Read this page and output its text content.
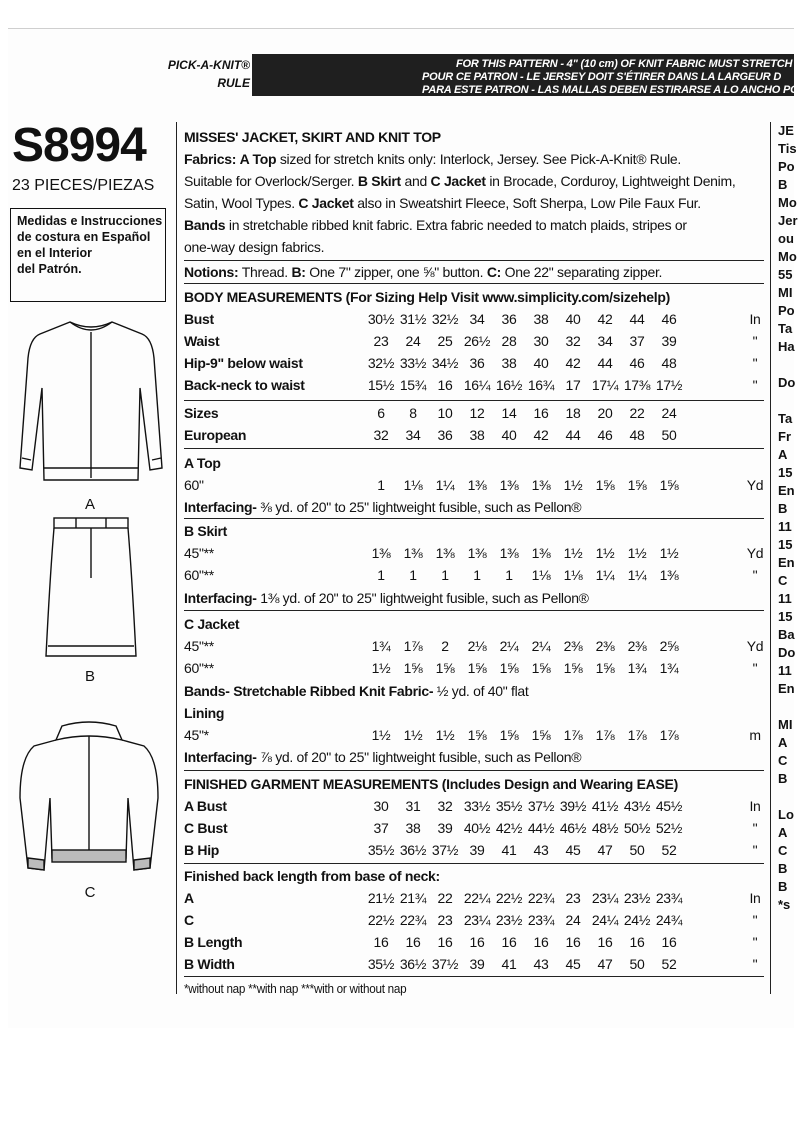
PICK-A-KNIT®
RULE
FOR THIS PATTERN - 4" (10 cm) OF KNIT FABRIC MUST STRETCH
POUR CE PATRON - LE JERSEY DOIT S'ÉTIRER DANS LA LARGEUR D
PARA ESTE PATRON - LAS MALLAS DEBEN ESTIRARSE A LO ANCHO POR
S8994
23 PIECES/PIEZAS
Medidas e Instrucciones
de costura en Español
en el Interior
del Patrón.
A
B
C
MISSES' JACKET, SKIRT AND KNIT TOP
Fabrics: A Top sized for stretch knits only: Interlock, Jersey. See Pick-A-Knit® Rule.
Suitable for Overlock/Serger. B Skirt and C Jacket in Brocade, Corduroy, Lightweight Denim,
Satin, Wool Types. C Jacket also in Sweatshirt Fleece, Soft Sherpa, Low Pile Faux Fur.
Bands in stretchable ribbed knit fabric. Extra fabric needed to match plaids, stripes or
one-way design fabrics.
Notions: Thread. B: One 7" zipper, one ⅝" button. C: One 22" separating zipper.
BODY MEASUREMENTS (For Sizing Help Visit www.simplicity.com/sizehelp)
Bust	30½ 31½ 32½ 34	36	38	40	42	44	46	In
Waist	23	24	25 26½ 28	30	32	34	37	39	"
Hip-9" below waist	32½ 33½ 34½ 36	38	40	42	44	46	48	"
Back-neck to waist	15½ 15¾ 16 16¼ 16½ 16¾ 17 17¼ 17⅜ 17½	"
Sizes	6	8	10	12	14	16	18	20	22	24
European	32	34	36	38	40	42	44	46	48	50
A Top
60"	1	1⅛ 1¼ 1⅜ 1⅜ 1⅜ 1½ 1⅝ 1⅝ 1⅝	Yd
Interfacing- ⅜ yd. of 20" to 25" lightweight fusible, such as Pellon®
B Skirt
45"**	1⅜ 1⅜ 1⅜ 1⅜ 1⅜ 1⅜ 1½ 1½ 1½ 1½	Yd
60"**	1	1	1	1	1	1⅛ 1⅛ 1¼ 1¼ 1⅜	"
Interfacing- 1⅜ yd. of 20" to 25" lightweight fusible, such as Pellon®
C Jacket
45"**	1¾ 1⅞	2	2⅛ 2¼ 2¼ 2⅜ 2⅜ 2⅜ 2⅝	Yd
60"**	1½ 1⅝ 1⅝ 1⅝ 1⅝ 1⅝ 1⅝ 1⅝ 1¾ 1¾	"
Bands- Stretchable Ribbed Knit Fabric- ½ yd. of 40" flat
Lining
45"*	1½ 1½ 1½ 1⅝ 1⅝ 1⅝ 1⅞ 1⅞ 1⅞ 1⅞	m
Interfacing- ⅞ yd. of 20" to 25" lightweight fusible, such as Pellon®
FINISHED GARMENT MEASUREMENTS (Includes Design and Wearing EASE)
A Bust	30	31	32 33½ 35½ 37½ 39½ 41½ 43½ 45½	In
C Bust	37	38	39 40½ 42½ 44½ 46½ 48½ 50½ 52½	"
B Hip	35½ 36½ 37½ 39	41	43	45	47	50	52	"
Finished back length from base of neck:
A	21½ 21¾ 22 22¼ 22½ 22¾ 23 23¼ 23½ 23¾	In
C	22½ 22¾ 23 23¼ 23½ 23¾ 24 24¼ 24½ 24¾	"
B Length	16	16	16	16	16	16	16	16	16	16	"
B Width	35½ 36½ 37½ 39	41	43	45	47	50	52	"
*without nap **with nap ***with or without nap
JE
Tis
Po
B
Mo
Jer
ou
Mo
55
MI
Po
Ta
Ha
Do
Ta
Fr
A
15
En
B
11
15
En
C
11
15
Ba
Do
11
En
MI
A
C
B
Lo
A
C
B
B
*s
